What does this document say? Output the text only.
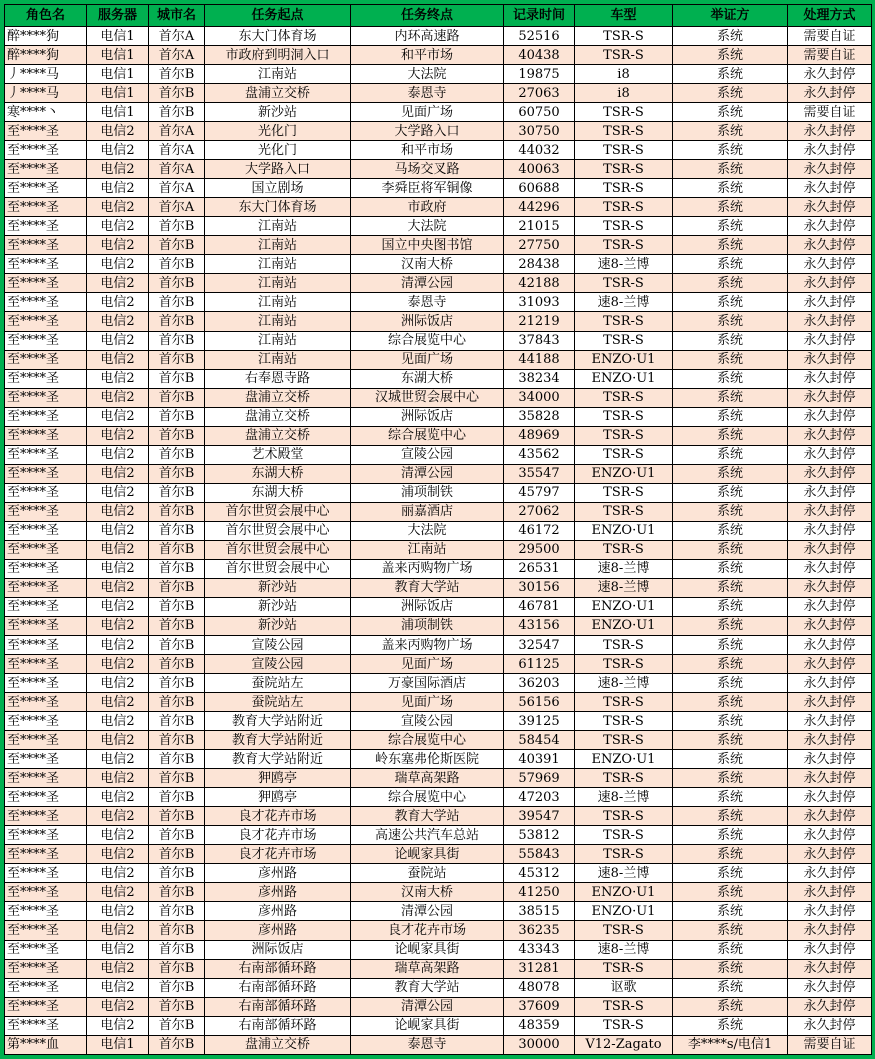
角色名	服务器	城市名	任务起点	任务终点	记录时间	车型	举证方	处理方式
醉****狗	电信1	首尔A	东大门体育场	内环高速路	52516	TSR-S	系统	需要自证
醉****狗	电信1	首尔A	市政府到明洞入口	和平市场	40438	TSR-S	系统	需要自证
丿****马	电信1	首尔B	江南站	大法院	19875	i8	系统	永久封停
丿****马	电信1	首尔B	盘浦立交桥	泰恩寺	27063	i8	系统	永久封停
寒****丶	电信1	首尔B	新沙站	见面广场	60750	TSR-S	系统	需要自证
至****圣	电信2	首尔A	光化门	大学路入口	30750	TSR-S	系统	永久封停
至****圣	电信2	首尔A	光化门	和平市场	44032	TSR-S	系统	永久封停
至****圣	电信2	首尔A	大学路入口	马场交叉路	40063	TSR-S	系统	永久封停
至****圣	电信2	首尔A	国立剧场	李舜臣将军铜像	60688	TSR-S	系统	永久封停
至****圣	电信2	首尔A	东大门体育场	市政府	44296	TSR-S	系统	永久封停
至****圣	电信2	首尔B	江南站	大法院	21015	TSR-S	系统	永久封停
至****圣	电信2	首尔B	江南站	国立中央图书馆	27750	TSR-S	系统	永久封停
至****圣	电信2	首尔B	江南站	汉南大桥	28438	速8-兰博	系统	永久封停
至****圣	电信2	首尔B	江南站	清潭公园	42188	TSR-S	系统	永久封停
至****圣	电信2	首尔B	江南站	泰恩寺	31093	速8-兰博	系统	永久封停
至****圣	电信2	首尔B	江南站	洲际饭店	21219	TSR-S	系统	永久封停
至****圣	电信2	首尔B	江南站	综合展览中心	37843	TSR-S	系统	永久封停
至****圣	电信2	首尔B	江南站	见面广场	44188	ENZO·U1	系统	永久封停
至****圣	电信2	首尔B	右奉恩寺路	东湖大桥	38234	ENZO·U1	系统	永久封停
至****圣	电信2	首尔B	盘浦立交桥	汉城世贸会展中心	34000	TSR-S	系统	永久封停
至****圣	电信2	首尔B	盘浦立交桥	洲际饭店	35828	TSR-S	系统	永久封停
至****圣	电信2	首尔B	盘浦立交桥	综合展览中心	48969	TSR-S	系统	永久封停
至****圣	电信2	首尔B	艺术殿堂	宣陵公园	43562	TSR-S	系统	永久封停
至****圣	电信2	首尔B	东湖大桥	清潭公园	35547	ENZO·U1	系统	永久封停
至****圣	电信2	首尔B	东湖大桥	浦项制铁	45797	TSR-S	系统	永久封停
至****圣	电信2	首尔B	首尔世贸会展中心	丽嘉酒店	27062	TSR-S	系统	永久封停
至****圣	电信2	首尔B	首尔世贸会展中心	大法院	46172	ENZO·U1	系统	永久封停
至****圣	电信2	首尔B	首尔世贸会展中心	江南站	29500	TSR-S	系统	永久封停
至****圣	电信2	首尔B	首尔世贸会展中心	盖来丙购物广场	26531	速8-兰博	系统	永久封停
至****圣	电信2	首尔B	新沙站	教育大学站	30156	速8-兰博	系统	永久封停
至****圣	电信2	首尔B	新沙站	洲际饭店	46781	ENZO·U1	系统	永久封停
至****圣	电信2	首尔B	新沙站	浦项制铁	43156	ENZO·U1	系统	永久封停
至****圣	电信2	首尔B	宣陵公园	盖来丙购物广场	32547	TSR-S	系统	永久封停
至****圣	电信2	首尔B	宣陵公园	见面广场	61125	TSR-S	系统	永久封停
至****圣	电信2	首尔B	蚕院站左	万豪国际酒店	36203	速8-兰博	系统	永久封停
至****圣	电信2	首尔B	蚕院站左	见面广场	56156	TSR-S	系统	永久封停
至****圣	电信2	首尔B	教育大学站附近	宣陵公园	39125	TSR-S	系统	永久封停
至****圣	电信2	首尔B	教育大学站附近	综合展览中心	58454	TSR-S	系统	永久封停
至****圣	电信2	首尔B	教育大学站附近	岭东塞弗伦斯医院	40391	ENZO·U1	系统	永久封停
至****圣	电信2	首尔B	狎鸥亭	瑞草高架路	57969	TSR-S	系统	永久封停
至****圣	电信2	首尔B	狎鸥亭	综合展览中心	47203	速8-兰博	系统	永久封停
至****圣	电信2	首尔B	良才花卉市场	教育大学站	39547	TSR-S	系统	永久封停
至****圣	电信2	首尔B	良才花卉市场	高速公共汽车总站	53812	TSR-S	系统	永久封停
至****圣	电信2	首尔B	良才花卉市场	论岘家具街	55843	TSR-S	系统	永久封停
至****圣	电信2	首尔B	彦州路	蚕院站	45312	速8-兰博	系统	永久封停
至****圣	电信2	首尔B	彦州路	汉南大桥	41250	ENZO·U1	系统	永久封停
至****圣	电信2	首尔B	彦州路	清潭公园	38515	ENZO·U1	系统	永久封停
至****圣	电信2	首尔B	彦州路	良才花卉市场	36235	TSR-S	系统	永久封停
至****圣	电信2	首尔B	洲际饭店	论岘家具街	43343	速8-兰博	系统	永久封停
至****圣	电信2	首尔B	右南部循环路	瑞草高架路	31281	TSR-S	系统	永久封停
至****圣	电信2	首尔B	右南部循环路	教育大学站	48078	讴歌	系统	永久封停
至****圣	电信2	首尔B	右南部循环路	清潭公园	37609	TSR-S	系统	永久封停
至****圣	电信2	首尔B	右南部循环路	论岘家具街	48359	TSR-S	系统	永久封停
第****血	电信1	首尔B	盘浦立交桥	泰恩寺	30000	V12-Zagato	李****s/电信1	需要自证
